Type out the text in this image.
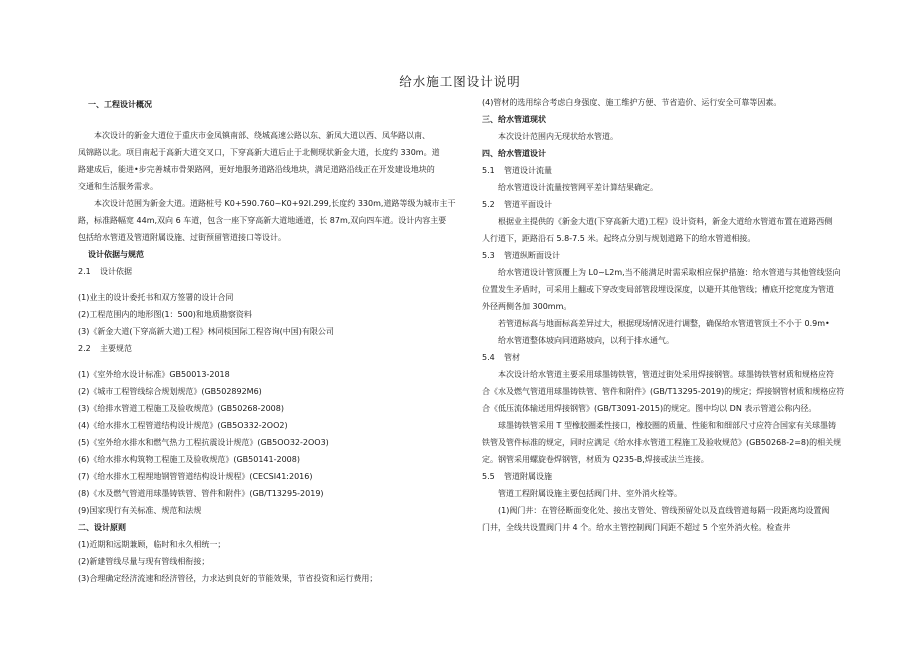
给水施工图设计说明

一、工程设计概况

本次设计的新金大道位于重庆市金凤镇南部、绕城高速公路以东、新凤大道以西、凤华路以南、

凤锦路以北。项目南起于高新大道交叉口，下穿高新大道后止于北侧现状新金大道，长度约 330m。道

路建成后，能进•步完善城市骨架路网，更好地服务道路沿线地块，满足道路沿线正在开发建设地块的

交通和生活服务需求。

本次设计范围为新金大道。道路桩号 K0+590.760~K0+92I.299,长度约 330m,道路等级为城市主干

路，标准路幅宽 44m,双向 6 车道，包含一座下穿高新大道地通道，长 87m,双向四车道。设计内容主要

包括给水管道及管道附属设施、过街预留管道接口等设计。

设计依据与规范

2.1 设计依据

(1)业主的设计委托书和双方签署的设计合同

(2)工程范围内的地形图(1：500)和地质勘察资料

(3)《新金大道(下穿高新大道)工程》林同棪国际工程咨询(中国)有限公司

2.2 主要规范

(1)《室外给水设计标准》GB50013-2018

(2)《城市工程管线综合规划规范》(GB502892M6)

(3)《给排水管道工程施工及验收规范》(GB50268-2008)

(4)《给水排水工程管道结构设计规范》(GB5O332-2OO2)

(5)《室外给水排水和燃气热力工程抗震设计规范》(GB5OO32-2OO3)

(6)《给水排水构筑物工程施工及验收规范》(GB50141-2008)

(7)《给水排水工程埋地钢管管道结构设计规程》(CECSI41:2016)

(8)《水及燃气管道用球墨铸铁管、管件和附件》(GB/T13295-2019)

(9)国家现行有关标准、规范和法规

二、设计原则

(1)近期和远期兼顾，临时和永久相统一；

(2)新建管线尽量与现有管线相衔接；

(3)合理确定经济流速和经济管径，力求达到良好的节能效果，节省投资和运行费用；

(4)管材的选用综合考虑白身强度、施工维护方便、节省造价、运行安全可靠等因素。

三、给水管道现状

本次设计范围内无现状给水管道。

四、给水管道设计

5.1 管道设计流量

给水管道设计流量按管网平差计算结果确定。

5.2 管道平面设计

根据业主提供的《新金大道(下穿高新大道)工程》设计资料，新金大道给水管道布置在道路西侧

人行道下，距路沿石 5.8-7.5 米。起终点分别与规划道路下的给水管道相接。

5.3 管道纵断面设计

给水管道设计管顶覆上为 L0~L2m,当不能满足时需采取相应保护措施：给水管道与其他管线竖向

位置发生矛盾时，可采用上翻或下穿改变局部管段埋设深度，以避开其他管线；槽底开挖宽度为管道

外径两侧各加 300mm。

若管道标高与地面标高差异过大，根据现场情况进行调整，确保给水管道管顶土不小于 0.9m•

给水管道整体坡向同道路坡向，以利于排水通气。

5.4 管材

本次设计给水管道主要采用球墨铸铁管，管道过街处采用焊接钢管。球墨铸铁管材质和规格应符

合《水及燃气管道用球墨铸铁管、管件和附件》(GB/T13295-2019)的规定；焊接钢管材质和规格应符

合《低压流体输送用焊接钢管》(GB/T3091-2015)的规定。图中均以 DN 表示管道公称内径。

球墨铸铁管采用 T 型橡胶圈柔性接口，橡胶圈的质量、性能和和细部尺寸应符合国家有关球墨铸

铁管及管件标准的规定，同时应满足《给水排水管道工程施工及验收规范》(GB50268-2=8)的相关规

定。钢管采用螺旋卷焊钢管，材质为 Q235-B,焊接或法兰连接。

5.5 管道附属设施

管道工程附属设施主要包括阀门井、室外消火栓等。

(1)阀门井：在管径断面变化处、接出支管处、管线预留处以及直线管道每隔一段距离均设置阀

门井，全线共设置阀门井 4 个。给水主管控制阀门间距不超过 5 个室外消火栓。检查井
